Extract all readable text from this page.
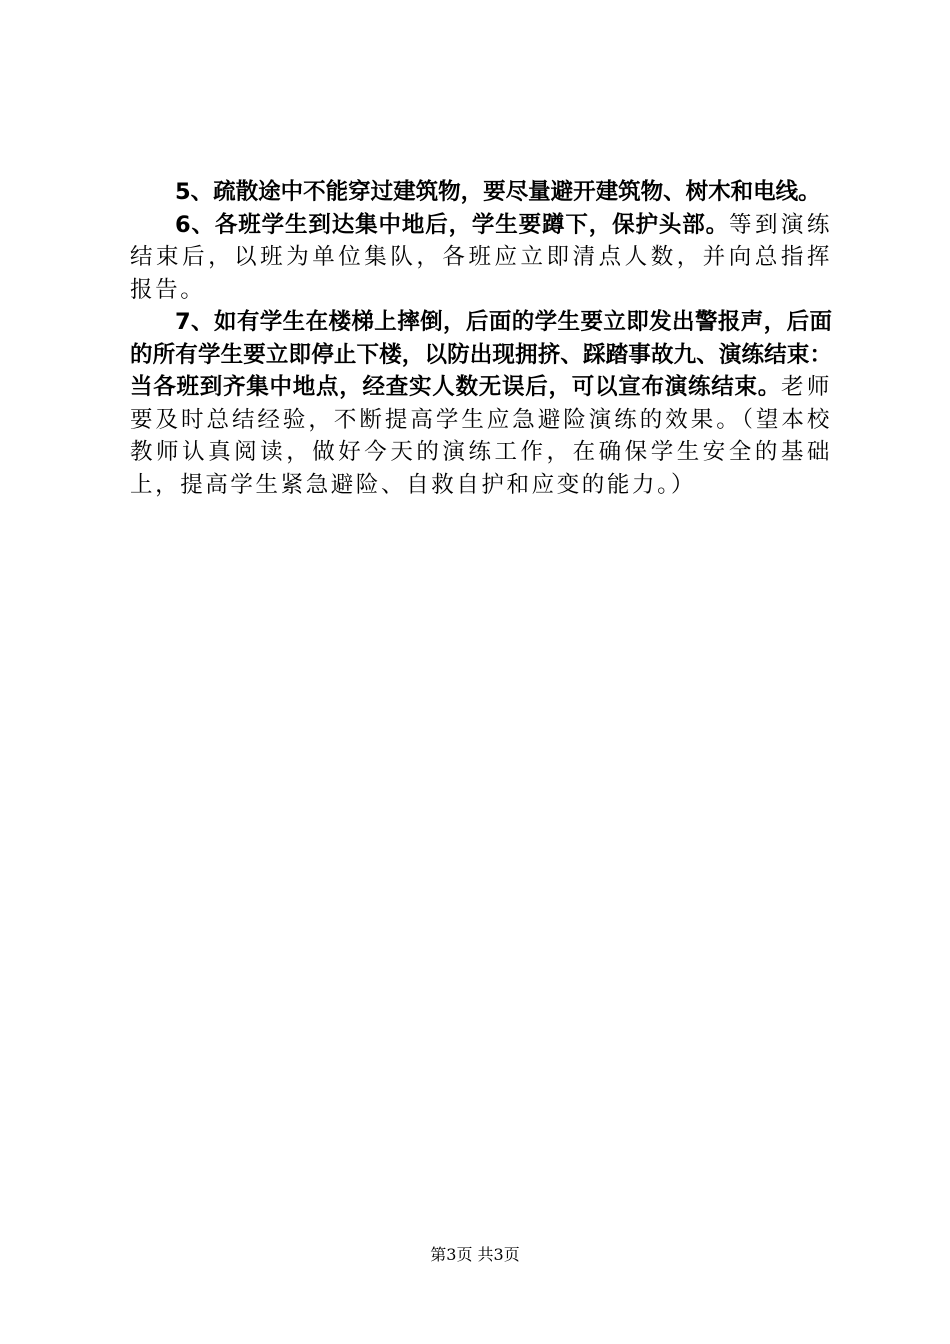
5、疏散途中不能穿过建筑物，要尽量避开建筑物、树木和电线。

6、各班学生到达集中地后，学生要蹲下，保护头部。等到演练结束后，以班为单位集队，各班应立即清点人数，并向总指挥报告。

7、如有学生在楼梯上摔倒，后面的学生要立即发出警报声，后面的所有学生要立即停止下楼，以防出现拥挤、踩踏事故九、演练结束：当各班到齐集中地点，经查实人数无误后，可以宣布演练结束。老师要及时总结经验，不断提高学生应急避险演练的效果。（望本校教师认真阅读，做好今天的演练工作，在确保学生安全的基础上，提高学生紧急避险、自救自护和应变的能力。）

第3页 共3页
